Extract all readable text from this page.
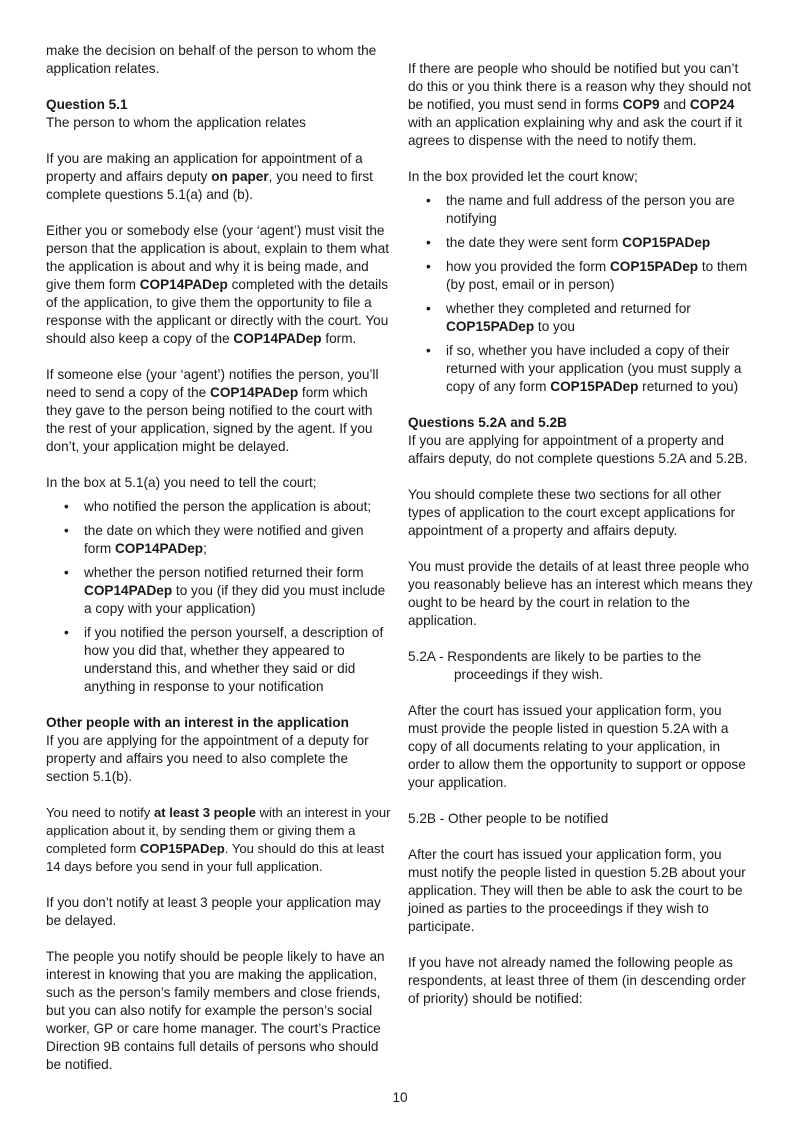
make the decision on behalf of the person to whom the application relates.

Question 5.1

The person to whom the application relates

If you are making an application for appointment of a property and affairs deputy on paper, you need to first complete questions 5.1(a) and (b).

Either you or somebody else (your ‘agent’) must visit the person that the application is about, explain to them what the application is about and why it is being made, and give them form COP14PADep completed with the details of the application, to give them the opportunity to file a response with the applicant or directly with the court. You should also keep a copy of the COP14PADep form.

If someone else (your ‘agent’) notifies the person, you’ll need to send a copy of the COP14PADep form which they gave to the person being notified to the court with the rest of your application, signed by the agent. If you don’t, your application might be delayed.

In the box at 5.1(a) you need to tell the court;

• who notified the person the application is about;
• the date on which they were notified and given form COP14PADep;
• whether the person notified returned their form COP14PADep to you (if they did you must include a copy with your application)
• if you notified the person yourself, a description of how you did that, whether they appeared to understand this, and whether they said or did anything in response to your notification

Other people with an interest in the application

If you are applying for the appointment of a deputy for property and affairs you need to also complete the section 5.1(b).

You need to notify at least 3 people with an interest in your application about it, by sending them or giving them a completed form COP15PADep. You should do this at least 14 days before you send in your full application.

If you don’t notify at least 3 people your application may be delayed.

The people you notify should be people likely to have an interest in knowing that you are making the application, such as the person’s family members and close friends, but you can also notify for example the person’s social worker, GP or care home manager. The court’s Practice Direction 9B contains full details of persons who should be notified.

If there are people who should be notified but you can’t do this or you think there is a reason why they should not be notified, you must send in forms COP9 and COP24 with an application explaining why and ask the court if it agrees to dispense with the need to notify them.

In the box provided let the court know;

• the name and full address of the person you are notifying
• the date they were sent form COP15PADep
• how you provided the form COP15PADep to them (by post, email or in person)
• whether they completed and returned for COP15PADep to you
• if so, whether you have included a copy of their returned with your application (you must supply a copy of any form COP15PADep returned to you)

Questions 5.2A and 5.2B

If you are applying for appointment of a property and affairs deputy, do not complete questions 5.2A and 5.2B.

You should complete these two sections for all other types of application to the court except applications for appointment of a property and affairs deputy.

You must provide the details of at least three people who you reasonably believe has an interest which means they ought to be heard by the court in relation to the application.

5.2A - Respondents are likely to be parties to the
proceedings if they wish.

After the court has issued your application form, you must provide the people listed in question 5.2A with a copy of all documents relating to your application, in order to allow them the opportunity to support or oppose your application.

5.2B - Other people to be notified

After the court has issued your application form, you must notify the people listed in question 5.2B about your application. They will then be able to ask the court to be joined as parties to the proceedings if they wish to participate.

If you have not already named the following people as respondents, at least three of them (in descending order of priority) should be notified:

10
